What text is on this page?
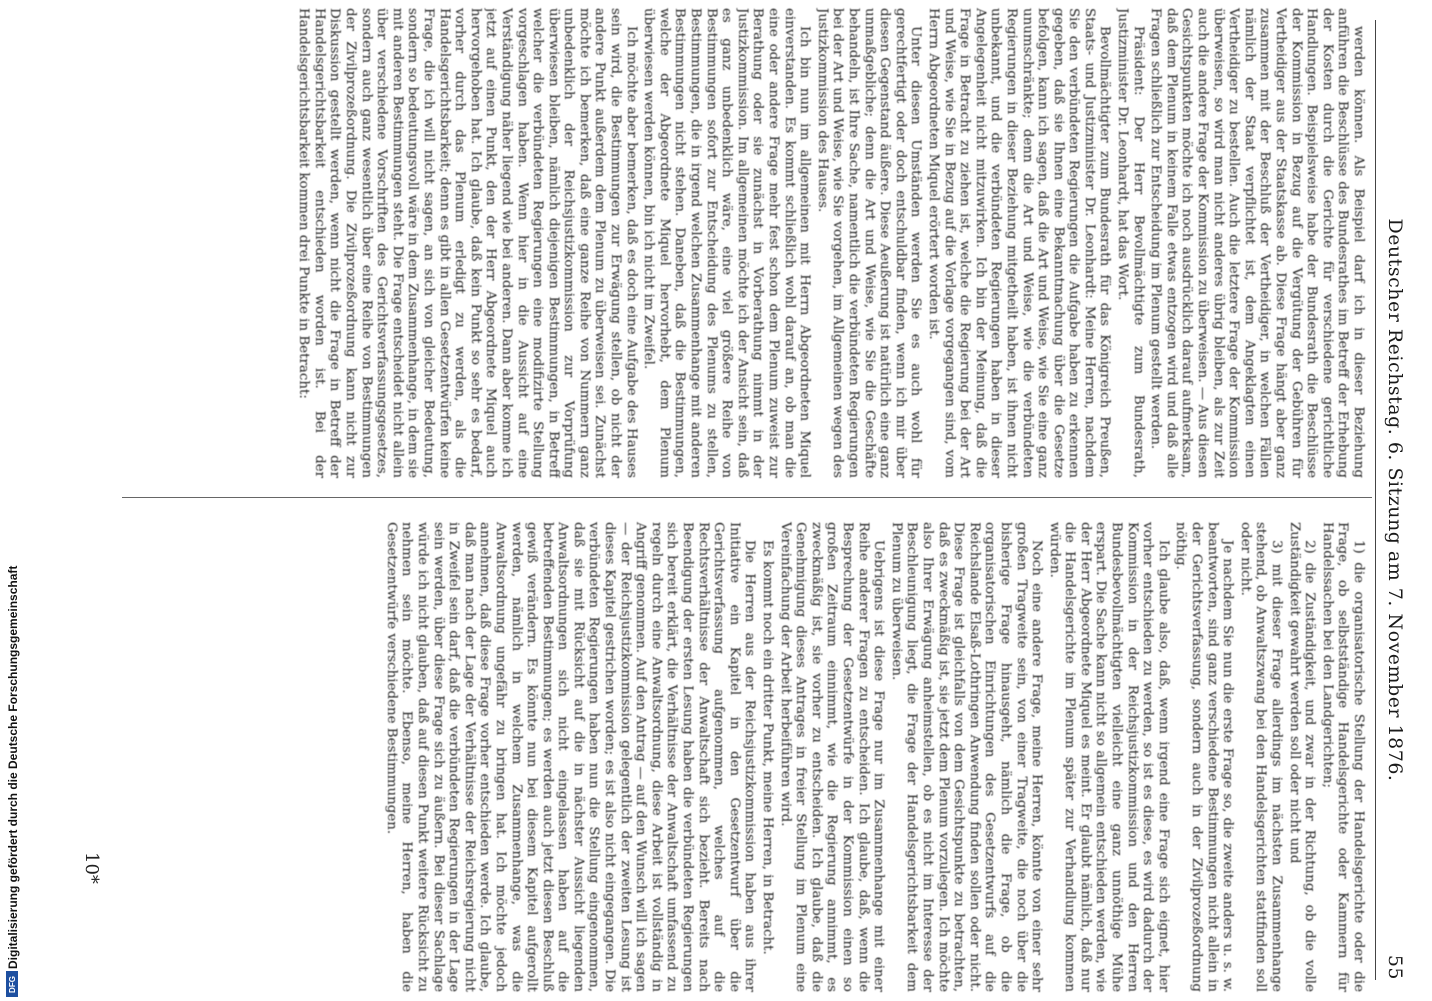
Deutscher Reichstag. 6. Sitzung am 7. November 1876.
55

werden können. Als Beispiel darf ich in dieser Beziehung anführen die Beschlüsse des Bundesrathes im Betreff der Erhebung der Kosten durch die Gerichte für verschiedene gerichtliche Handlungen. Beispielsweise habe der Bundesrath die Beschlüsse der Kommission in Bezug auf die Vergütung der Gebühren für Vertheidiger aus der Staatskasse ab. Diese Frage hängt aber ganz zusammen mit der Beschluß der Vertheidiger, in welchen Fällen nämlich der Staat verpflichtet ist, dem Angeklagten einen Vertheidiger zu bestellen. Auch die letztere Frage der Kommission überweisen, so wird man nicht anderes übrig bleiben, als zur Zeit auch die andere Frage der Kommission zu überweisen. — Aus diesen Gesichtspunkten möchte ich noch ausdrücklich darauf aufmerksam, daß dem Plenum in keinem Falle etwas entzogen wird und daß alle Fragen schließlich zur Entscheidung im Plenum gestellt werden.

Präsident: Der Herr Bevollmächtigte zum Bundesrath, Justizminister Dr. Leonhardt, hat das Wort.

Bevollmächtigter zum Bundesrath für das Königreich Preußen, Staats- und Justizminister Dr. Leonhardt: Meine Herren, nachdem Sie den verbündeten Regierungen die Aufgabe haben zu erkennen gegeben, daß sie Ihnen eine Bekanntmachung über die Gesetze befolgen, kann ich sagen, daß die Art und Weise, wie Sie eine ganz unumschränkte; denn die Art und Weise, wie die verbündeten Regierungen in dieser Beziehung mitgetheilt haben, ist ihnen nicht unbekannt, und die verbündeten Regierungen haben in dieser Angelegenheit nicht mitzuwirken. Ich bin der Meinung, daß die Frage in Betracht zu ziehen ist, welche die Regierung bei der Art und Weise, wie Sie in Bezug auf die Vorlage vorgegangen sind, vom Herrn Abgeordneten Miquel erörtert worden ist.

Unter diesen Umständen werden Sie es auch wohl für gerechtfertigt oder doch entschuldbar finden, wenn ich mir über diesen Gegenstand äußere. Diese Aeußerung ist natürlich eine ganz unmaßgebliche; denn die Art und Weise, wie Sie die Geschäfte behandeln, ist Ihre Sache, namentlich die verbündeten Regierungen bei der Art und Weise, wie Sie vorgehen, im Allgemeinen wegen des Justizkommission des Hauses.

Ich bin nun im allgemeinen mit Herrn Abgeordneten Miquel einverstanden. Es kommt schließlich wohl darauf an, ob man die eine oder andere Frage mehr fest schon dem Plenum zuweist zur Berathung oder sie zunächst in Vorberathung nimmt in der Justizkommission. Im allgemeinen möchte ich der Ansicht sein, daß es ganz unbedenklich wäre, eine viel größere Reihe von Bestimmungen sofort zur Entscheidung des Plenums zu stellen, Bestimmungen, die in irgend welchen Zusammenhange mit anderen Bestimmungen nicht stehen. Daneben, daß die Bestimmungen, welche der Abgeordnete Miquel hervorhebt, dem Plenum überwiesen werden können, bin ich nicht im Zweifel.

Ich möchte aber bemerken, daß es doch eine Aufgabe des Hauses sein wird, die Bestimmungen zur Erwägung stellen, ob nicht der andere Punkt außerdem dem Plenum zu überweisen sei. Zunächst möchte ich bemerken, daß eine ganze Reihe von Nummern ganz unbedenklich der Reichsjustizkommission zur Vorprüfung überwiesen bleiben, nämlich diejenigen Bestimmungen, in Betreff welcher die verbündeten Regierungen eine modifizirte Stellung vorgeschlagen haben. Wenn hier in die Aussicht auf eine Verständigung näher liegend wie bei anderen. Dann aber komme ich jetzt auf einen Punkt, den der Herr Abgeordnete Miquel auch hervorgehoben hat. Ich glaube, daß kein Punkt so sehr es bedarf, vorher durch das Plenum erledigt zu werden, als die Handelsgerichtsbarkeit; denn es gibt in allen Gesetzentwürfen keine Frage, die ich will nicht sagen, an sich von gleicher Bedeutung, sondern so bedeutungsvoll wäre in dem Zusammenhange, in dem sie mit anderen Bestimmungen steht. Die Frage entscheidet nicht allein über verschiedene Vorschriften des Gerichtsverfassungsgesetzes, sondern auch ganz wesentlich über eine Reihe von Bestimmungen der Zivilprozeßordnung. Die Zivilprozeßordnung kann nicht zur Diskussion gestellt werden, wenn nicht die Frage in Betreff der Handelsgerichtsbarkeit entschieden worden ist. Bei der Handelsgerichtsbarkeit kommen drei Punkte in Betracht:

1) die organisatorische Stellung der Handelsgerichte oder die Frage, ob selbstständige Handelsgerichte oder Kammern für Handelssachen bei den Landgerichten;

2) die Zuständigkeit, und zwar in der Richtung, ob die volle Zuständigkeit gewahrt werden soll oder nicht und

3) mit dieser Frage allerdings im nächsten Zusammenhange stehend, ob Anwaltszwang bei den Handelsgerichten stattfinden soll oder nicht.

Je nachdem Sie nun die erste Frage so, die zweite anders u. s. w. beantworten, sind ganz verschiedene Bestimmungen nicht allein in der Gerichtsverfassung, sondern auch in der Zivilprozeßordnung nöthig.

Ich glaube also, daß, wenn irgend eine Frage sich eignet, hier vorher entschieden zu werden, so ist es diese, es wird dadurch der Kommission in der Reichsjustizkommission und den Herren Bundesbevollmächtigten vielleicht eine ganz unnöthige Mühe erspart. Die Sache kann nicht so allgemein entschieden werden, wie der Herr Abgeordnete Miquel es meint. Er glaubt nämlich, daß nur die Handelsgerichte im Plenum später zur Verhandlung kommen würden.

Noch eine andere Frage, meine Herren, könnte von einer sehr großen Tragweite sein, von einer Tragweite, die noch über die bisherige Frage hinausgeht, nämlich die Frage, ob die organisatorischen Einrichtungen des Gesetzentwurfs auf die Reichslande Elsaß-Lothringen Anwendung finden sollen oder nicht. Diese Frage ist gleichfalls von dem Gesichtspunkte zu betrachten, daß es zweckmäßig ist, sie jetzt dem Plenum vorzulegen. Ich möchte also Ihrer Erwägung anheimstellen, ob es nicht im Interesse der Beschleunigung liegt, die Frage der Handelsgerichtsbarkeit dem Plenum zu überweisen.

Uebrigens ist diese Frage nur im Zusammenhange mit einer Reihe anderer Fragen zu entscheiden. Ich glaube, daß, wenn die Besprechung der Gesetzentwürfe in der Kommission einen so großen Zeitraum einnimmt, wie die Regierung annimmt, es zweckmäßig ist, sie vorher zu entscheiden. Ich glaube, daß die Genehmigung dieses Antrages in freier Stellung im Plenum eine Vereinfachung der Arbeit herbeiführen wird.

Es kommt noch ein dritter Punkt, meine Herren, in Betracht.

Die Herren aus der Reichsjustizkommission haben aus ihrer Initiative ein Kapitel in den Gesetzentwurf über die Gerichtsverfassung aufgenommen, welches auf die Rechtsverhältnisse der Anwaltschaft sich bezieht. Bereits nach Beendigung der ersten Lesung haben die verbündeten Regierungen sich bereit erklärt, die Verhältnisse der Anwaltschaft umfassend zu regeln durch eine Anwaltsordnung, diese Arbeit ist vollständig in Angriff genommen. Auf den Antrag — auf den Wunsch will ich sagen — der Reichsjustizkommission gelegentlich der zweiten Lesung ist dieses Kapitel gestrichen worden; es ist also nicht eingegangen. Die verbündeten Regierungen haben nun die Stellung eingenommen, daß sie mit Rücksicht auf die in nächster Aussicht liegenden Anwaltsordnungen sich nicht eingelassen haben auf die betreffenden Bestimmungen; es werden auch jetzt diesen Beschluß gewiß verändern. Es könnte nun bei diesem Kapitel aufgerollt werden, nämlich in welchem Zusammenhange, was die Anwaltsordnung ungefähr zu bringen hat. Ich möchte jedoch annehmen, daß diese Frage vorher entschieden werde. Ich glaube, daß man nach der Lage der Verhältnisse der Reichsregierung nicht in Zweifel sein darf, daß die verbündeten Regierungen in der Lage sein werden, über diese Frage sich zu äußern. Bei dieser Sachlage würde ich nicht glauben, daß auf diesen Punkt weitere Rücksicht zu nehmen sein möchte. Ebenso, meine Herren, haben die Gesetzentwürfe verschiedene Bestimmungen.

10*
Digitalisierung gefördert durch die Deutsche Forschungsgemeinschaft
DFG
